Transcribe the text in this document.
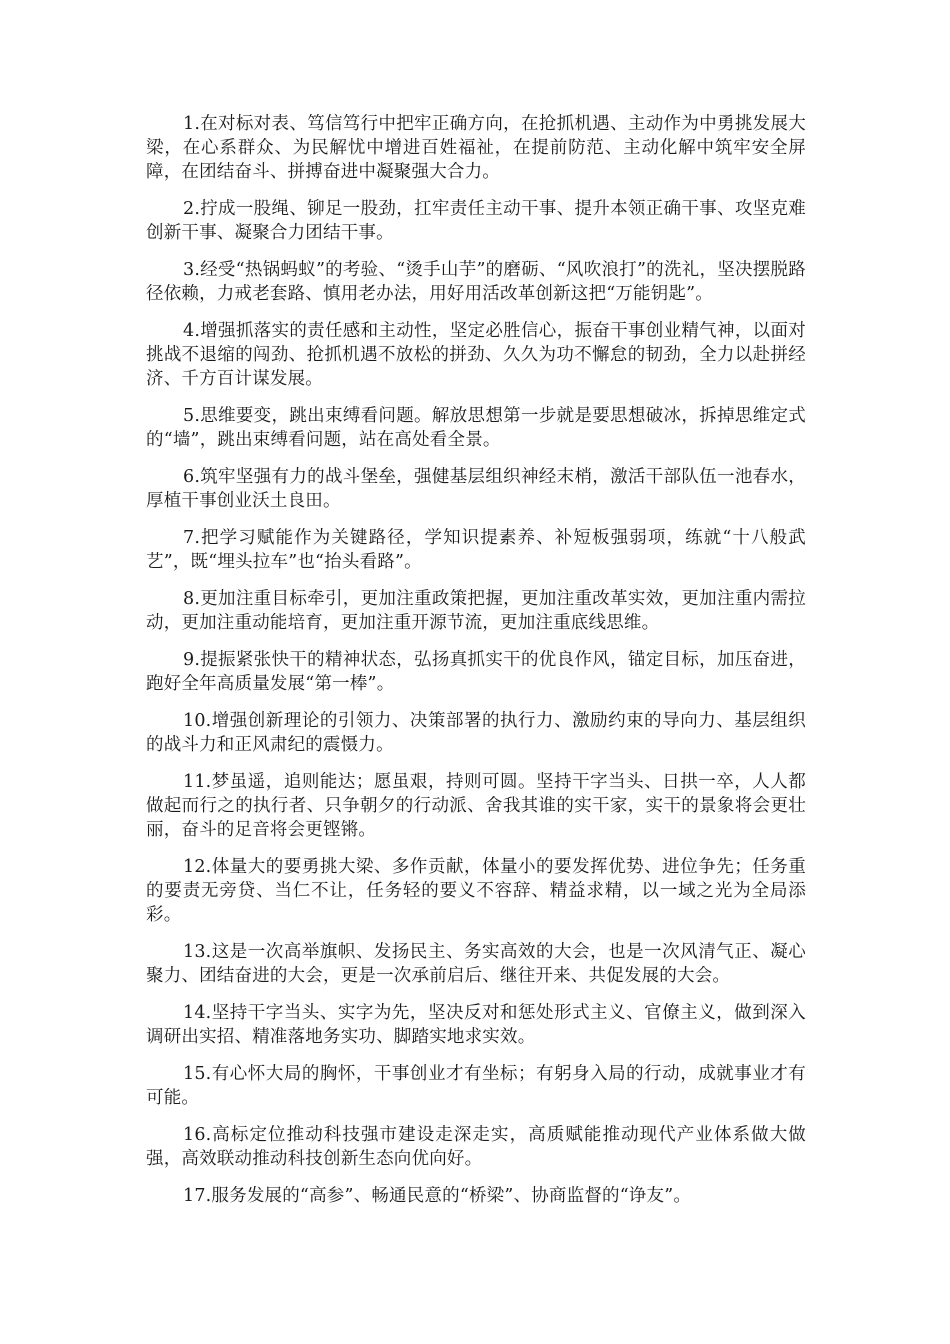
1.在对标对表、笃信笃行中把牢正确方向，在抢抓机遇、主动作为中勇挑发展大梁，在心系群众、为民解忧中增进百姓福祉，在提前防范、主动化解中筑牢安全屏障，在团结奋斗、拼搏奋进中凝聚强大合力。

2.拧成一股绳、铆足一股劲，扛牢责任主动干事、提升本领正确干事、攻坚克难创新干事、凝聚合力团结干事。

3.经受“热锅蚂蚁”的考验、“烫手山芋”的磨砺、“风吹浪打”的洗礼，坚决摆脱路径依赖，力戒老套路、慎用老办法，用好用活改革创新这把“万能钥匙”。

4.增强抓落实的责任感和主动性，坚定必胜信心，振奋干事创业精气神，以面对挑战不退缩的闯劲、抢抓机遇不放松的拼劲、久久为功不懈怠的韧劲，全力以赴拼经济、千方百计谋发展。

5.思维要变，跳出束缚看问题。解放思想第一步就是要思想破冰，拆掉思维定式的“墙”，跳出束缚看问题，站在高处看全景。

6.筑牢坚强有力的战斗堡垒，强健基层组织神经末梢，激活干部队伍一池春水，厚植干事创业沃土良田。

7.把学习赋能作为关键路径，学知识提素养、补短板强弱项，练就“十八般武艺”，既“埋头拉车”也“抬头看路”。

8.更加注重目标牵引，更加注重政策把握，更加注重改革实效，更加注重内需拉动，更加注重动能培育，更加注重开源节流，更加注重底线思维。

9.提振紧张快干的精神状态，弘扬真抓实干的优良作风，锚定目标，加压奋进，跑好全年高质量发展“第一棒”。

10.增强创新理论的引领力、决策部署的执行力、激励约束的导向力、基层组织的战斗力和正风肃纪的震慑力。

11.梦虽遥，追则能达；愿虽艰，持则可圆。坚持干字当头、日拱一卒，人人都做起而行之的执行者、只争朝夕的行动派、舍我其谁的实干家，实干的景象将会更壮丽，奋斗的足音将会更铿锵。

12.体量大的要勇挑大梁、多作贡献，体量小的要发挥优势、进位争先；任务重的要责无旁贷、当仁不让，任务轻的要义不容辞、精益求精，以一域之光为全局添彩。

13.这是一次高举旗帜、发扬民主、务实高效的大会，也是一次风清气正、凝心聚力、团结奋进的大会，更是一次承前启后、继往开来、共促发展的大会。

14.坚持干字当头、实字为先，坚决反对和惩处形式主义、官僚主义，做到深入调研出实招、精准落地务实功、脚踏实地求实效。

15.有心怀大局的胸怀，干事创业才有坐标；有躬身入局的行动，成就事业才有可能。

16.高标定位推动科技强市建设走深走实，高质赋能推动现代产业体系做大做强，高效联动推动科技创新生态向优向好。

17.服务发展的“高参”、畅通民意的“桥梁”、协商监督的“诤友”。
